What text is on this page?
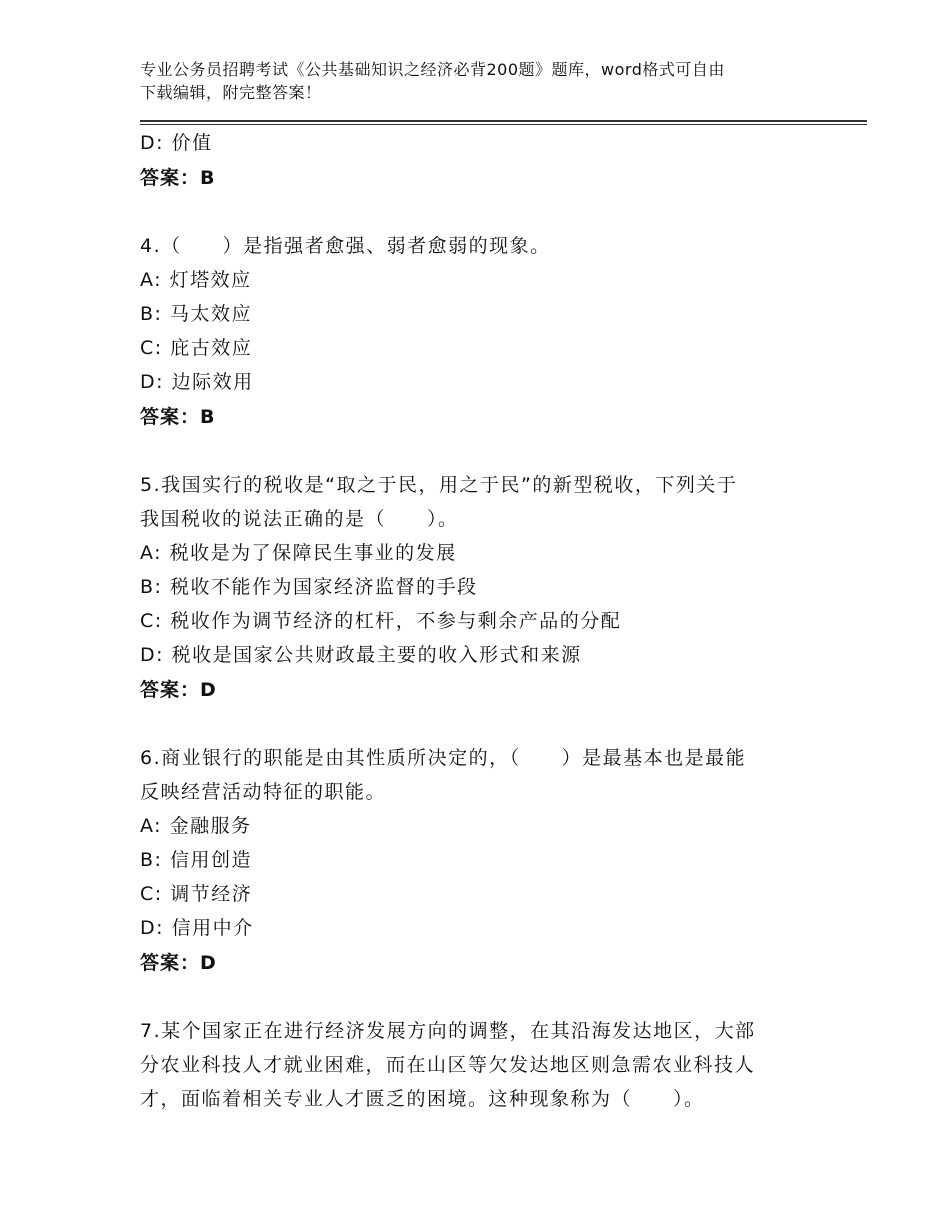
专业公务员招聘考试《公共基础知识之经济必背200题》题库，word格式可自由
下载编辑，附完整答案！
D: 价值
答案：B
4.（　　）是指强者愈强、弱者愈弱的现象。
A: 灯塔效应
B: 马太效应
C: 庇古效应
D: 边际效用
答案：B
5.我国实行的税收是“取之于民，用之于民”的新型税收，下列关于
我国税收的说法正确的是（　　）。
A: 税收是为了保障民生事业的发展
B: 税收不能作为国家经济监督的手段
C: 税收作为调节经济的杠杆，不参与剩余产品的分配
D: 税收是国家公共财政最主要的收入形式和来源
答案：D
6.商业银行的职能是由其性质所决定的，（　　）是最基本也是最能
反映经营活动特征的职能。
A: 金融服务
B: 信用创造
C: 调节经济
D: 信用中介
答案：D
7.某个国家正在进行经济发展方向的调整，在其沿海发达地区，大部
分农业科技人才就业困难，而在山区等欠发达地区则急需农业科技人
才，面临着相关专业人才匮乏的困境。这种现象称为（　　）。
